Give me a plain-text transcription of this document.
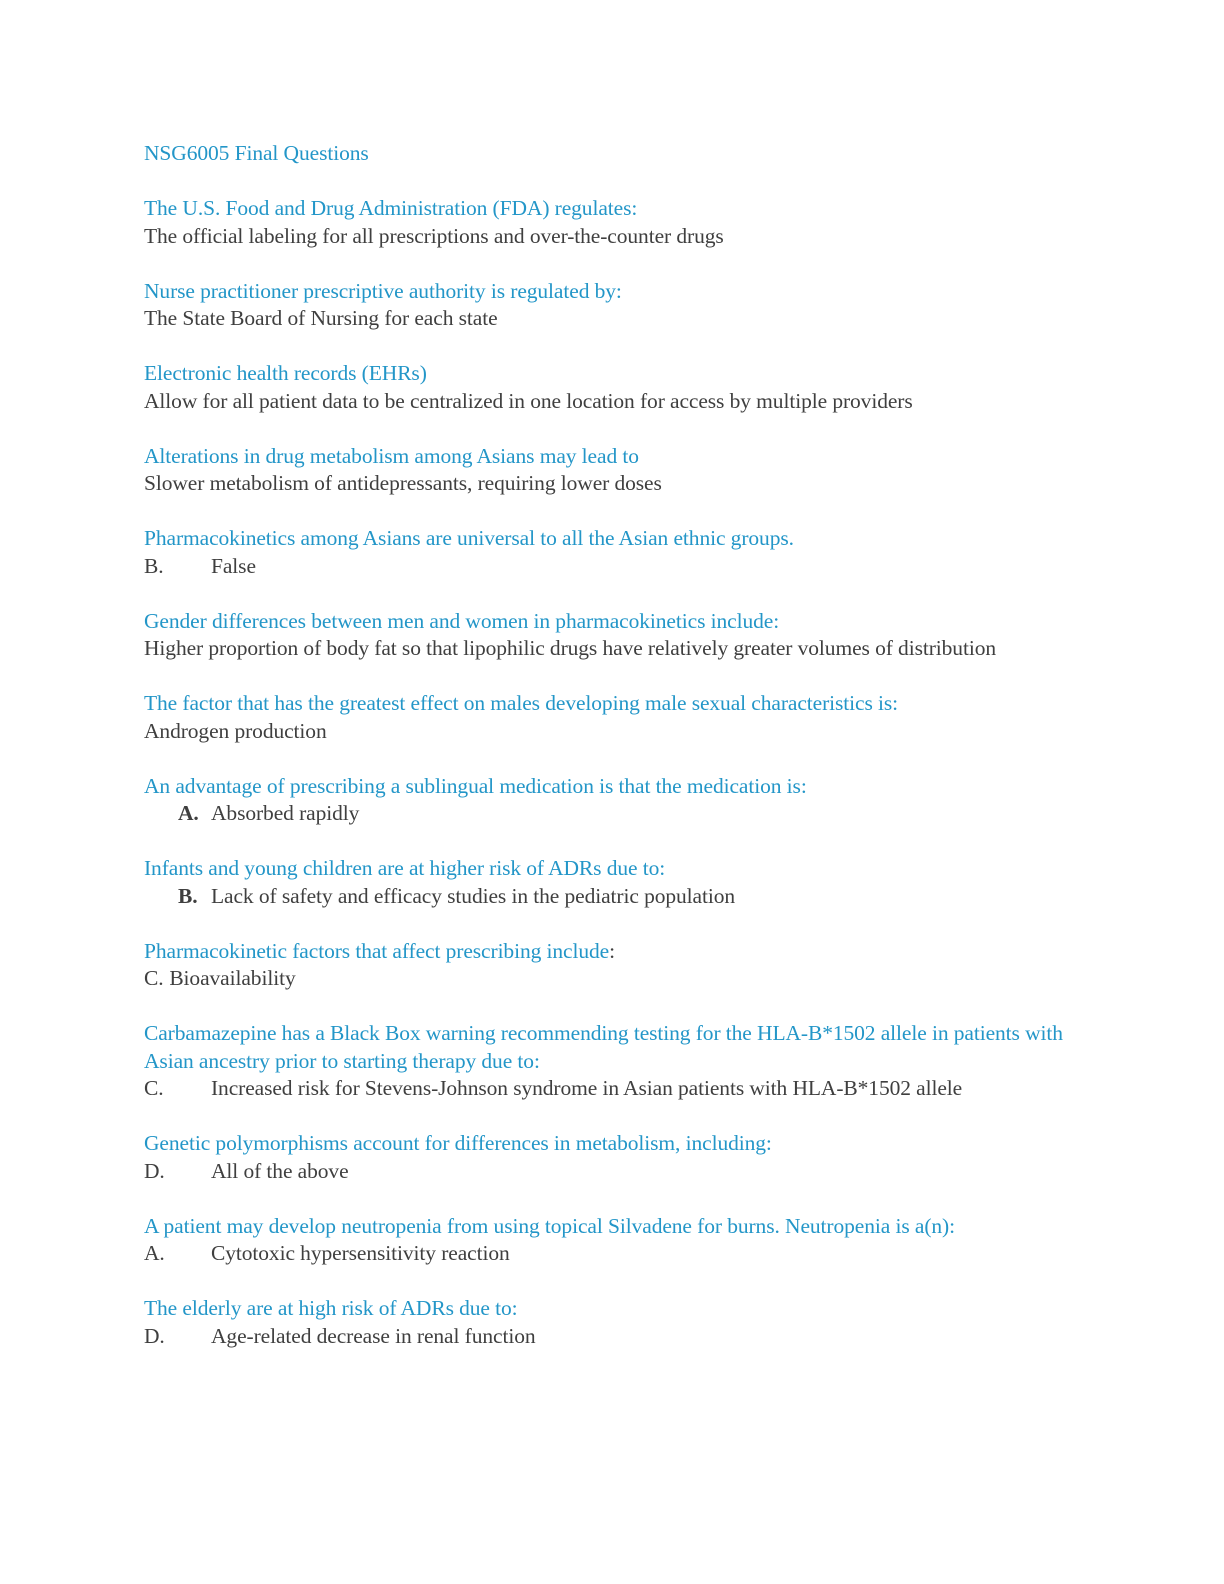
NSG6005 Final Questions

The U.S. Food and Drug Administration (FDA) regulates:

The official labeling for all prescriptions and over-the-counter drugs

Nurse practitioner prescriptive authority is regulated by:

The State Board of Nursing for each state

Electronic health records (EHRs)

Allow for all patient data to be centralized in one location for access by multiple providers

Alterations in drug metabolism among Asians may lead to

Slower metabolism of antidepressants, requiring lower doses

Pharmacokinetics among Asians are universal to all the Asian ethnic groups.

B. False

Gender differences between men and women in pharmacokinetics include:

Higher proportion of body fat so that lipophilic drugs have relatively greater volumes of distribution

The factor that has the greatest effect on males developing male sexual characteristics is:

Androgen production

An advantage of prescribing a sublingual medication is that the medication is:

A. Absorbed rapidly

Infants and young children are at higher risk of ADRs due to:

B. Lack of safety and efficacy studies in the pediatric population

Pharmacokinetic factors that affect prescribing include:

C. Bioavailability

Carbamazepine has a Black Box warning recommending testing for the HLA-B*1502 allele in patients with Asian ancestry prior to starting therapy due to:

C. Increased risk for Stevens-Johnson syndrome in Asian patients with HLA-B*1502 allele

Genetic polymorphisms account for differences in metabolism, including:

D. All of the above

A patient may develop neutropenia from using topical Silvadene for burns. Neutropenia is a(n):

A. Cytotoxic hypersensitivity reaction

The elderly are at high risk of ADRs due to:

D. Age-related decrease in renal function
